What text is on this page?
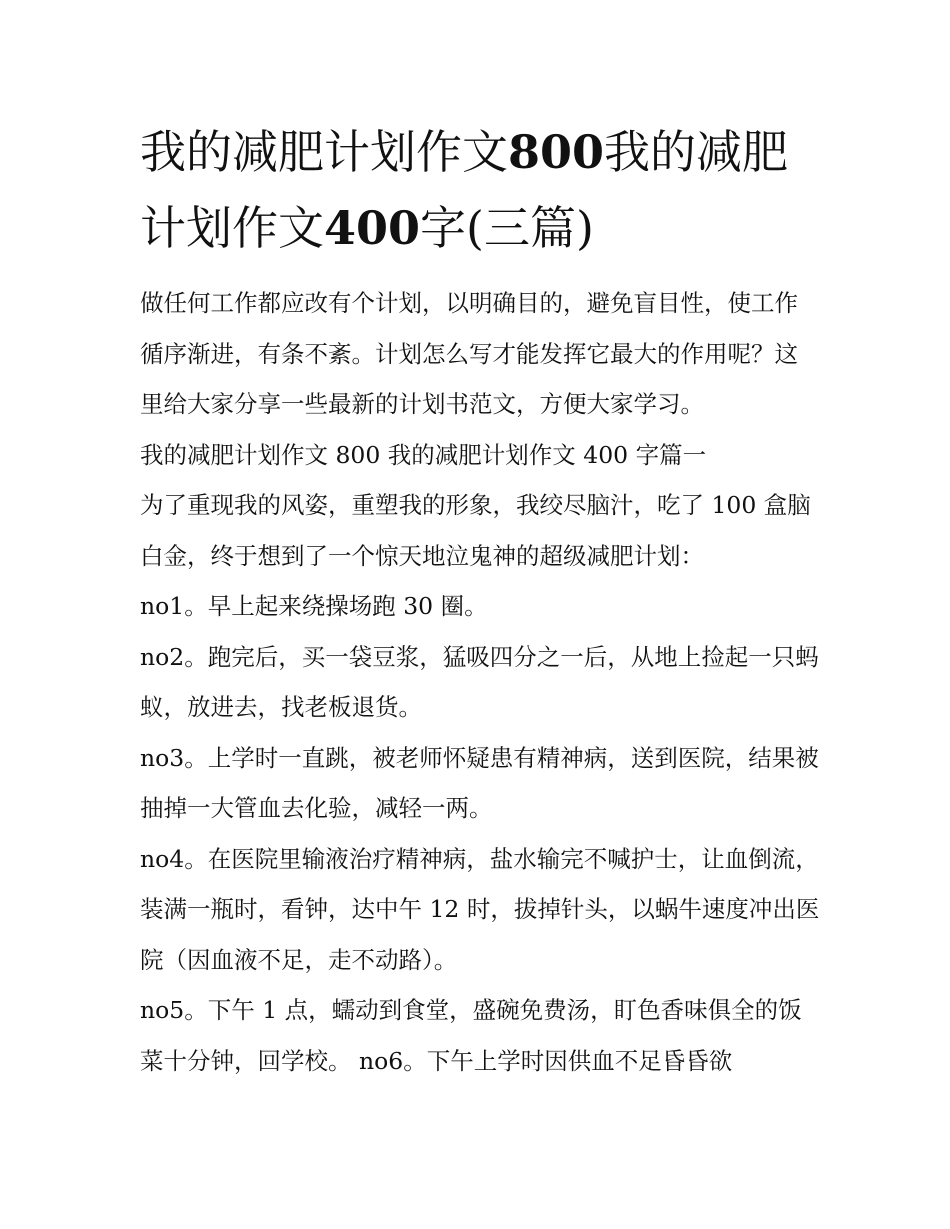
我的减肥计划作文800我的减肥计划作文400字(三篇)

做任何工作都应改有个计划，以明确目的，避免盲目性，使工作循序渐进，有条不紊。计划怎么写才能发挥它最大的作用呢？这里给大家分享一些最新的计划书范文，方便大家学习。

我的减肥计划作文 800 我的减肥计划作文 400 字篇一

为了重现我的风姿，重塑我的形象，我绞尽脑汁，吃了 100 盒脑白金，终于想到了一个惊天地泣鬼神的超级减肥计划：

no1。早上起来绕操场跑 30 圈。

no2。跑完后，买一袋豆浆，猛吸四分之一后，从地上捡起一只蚂蚁，放进去，找老板退货。

no3。上学时一直跳，被老师怀疑患有精神病，送到医院，结果被抽掉一大管血去化验，减轻一两。

no4。在医院里输液治疗精神病，盐水输完不喊护士，让血倒流，装满一瓶时，看钟，达中午 12 时，拔掉针头，以蜗牛速度冲出医院（因血液不足，走不动路）。

no5。下午 1 点，蠕动到食堂，盛碗免费汤，盯色香味俱全的饭菜十分钟，回学校。 no6。下午上学时因供血不足昏昏欲
